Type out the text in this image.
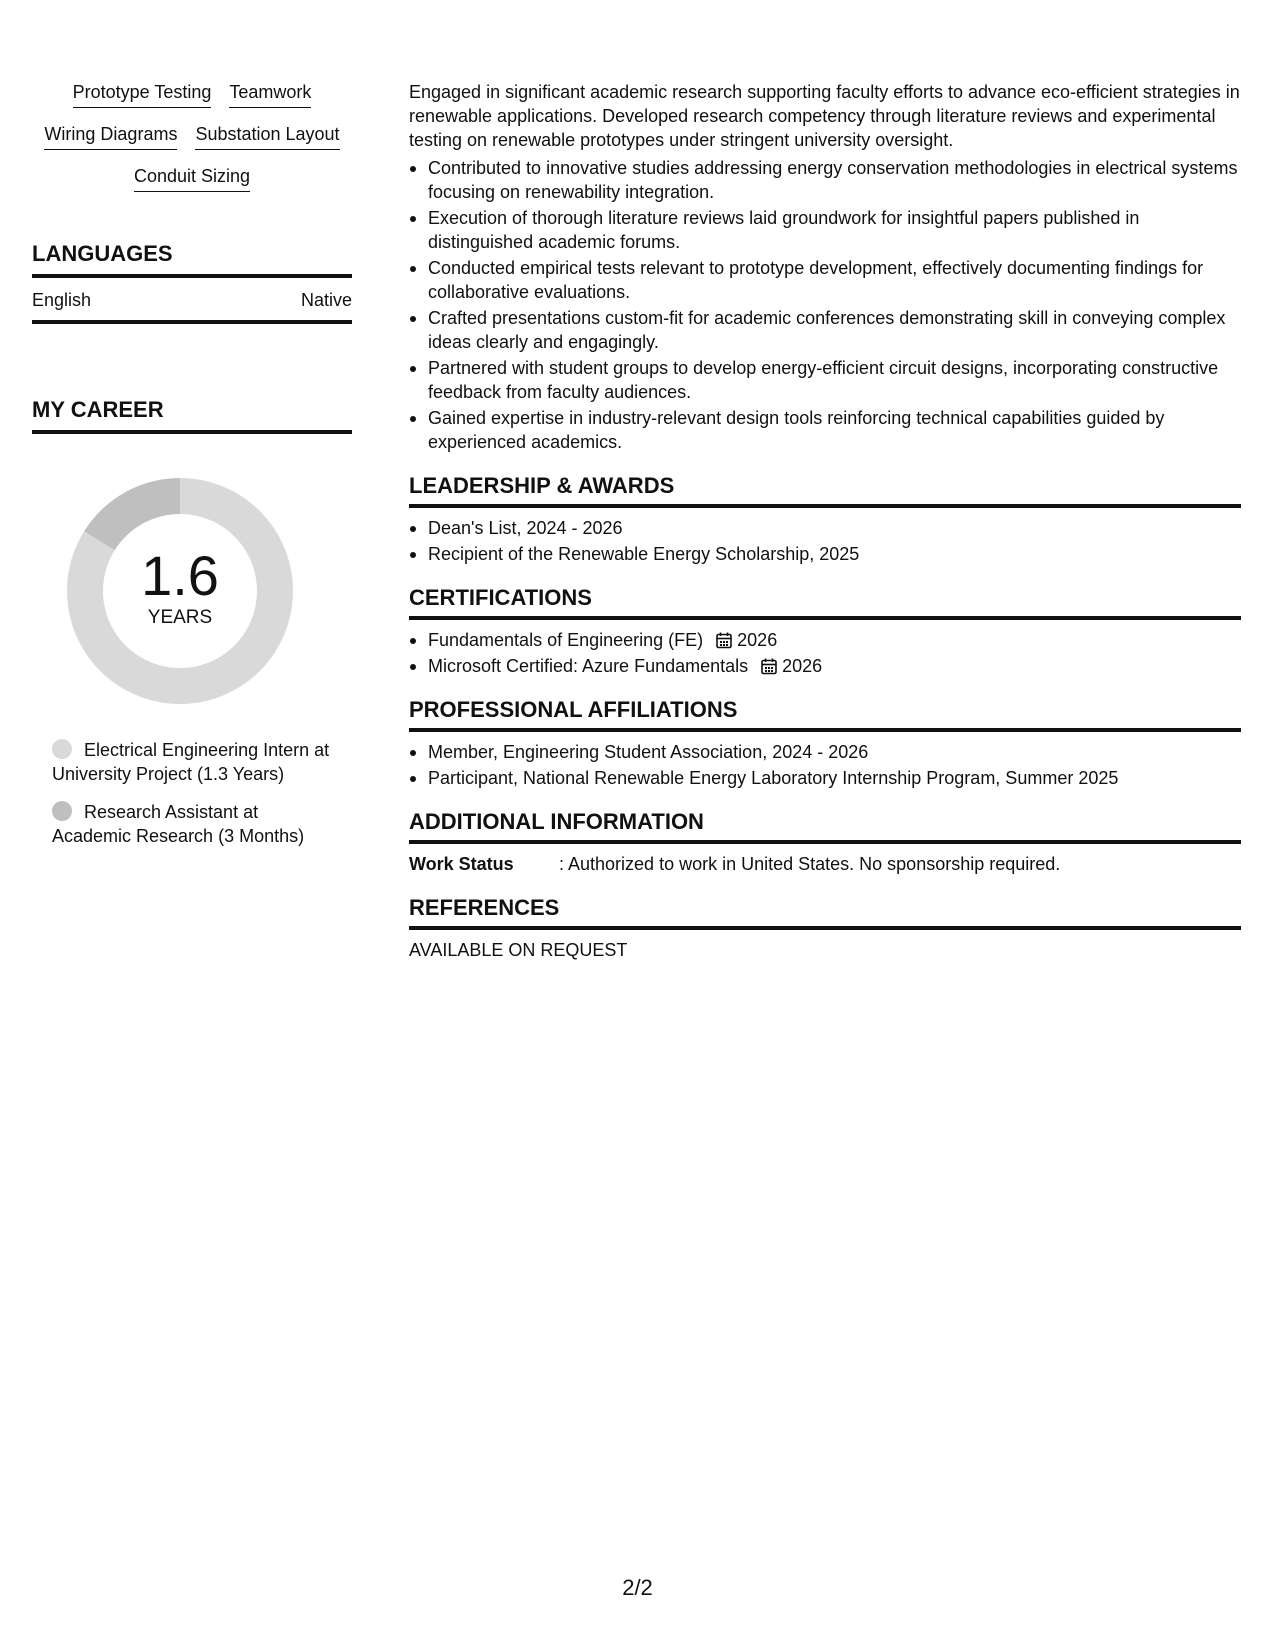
Prototype Testing Teamwork
Wiring Diagrams Substation Layout
Conduit Sizing
LANGUAGES
English	Native
MY CAREER
1.6
YEARS
Electrical Engineering Intern at University Project (1.3 Years)
Research Assistant at Academic Research (3 Months)

Engaged in significant academic research supporting faculty efforts to advance eco-efficient strategies in renewable applications. Developed research competency through literature reviews and experimental testing on renewable prototypes under stringent university oversight.

Contributed to innovative studies addressing energy conservation methodologies in electrical systems focusing on renewability integration.
Execution of thorough literature reviews laid groundwork for insightful papers published in distinguished academic forums.
Conducted empirical tests relevant to prototype development, effectively documenting findings for collaborative evaluations.
Crafted presentations custom-fit for academic conferences demonstrating skill in conveying complex ideas clearly and engagingly.
Partnered with student groups to develop energy-efficient circuit designs, incorporating constructive feedback from faculty audiences.
Gained expertise in industry-relevant design tools reinforcing technical capabilities guided by experienced academics.
LEADERSHIP & AWARDS
Dean's List, 2024 - 2026
Recipient of the Renewable Energy Scholarship, 2025
CERTIFICATIONS
Fundamentals of Engineering (FE) 2026
Microsoft Certified: Azure Fundamentals 2026
PROFESSIONAL AFFILIATIONS
Member, Engineering Student Association, 2024 - 2026
Participant, National Renewable Energy Laboratory Internship Program, Summer 2025
ADDITIONAL INFORMATION
Work Status	: Authorized to work in United States. No sponsorship required.
REFERENCES
AVAILABLE ON REQUEST
2/2
